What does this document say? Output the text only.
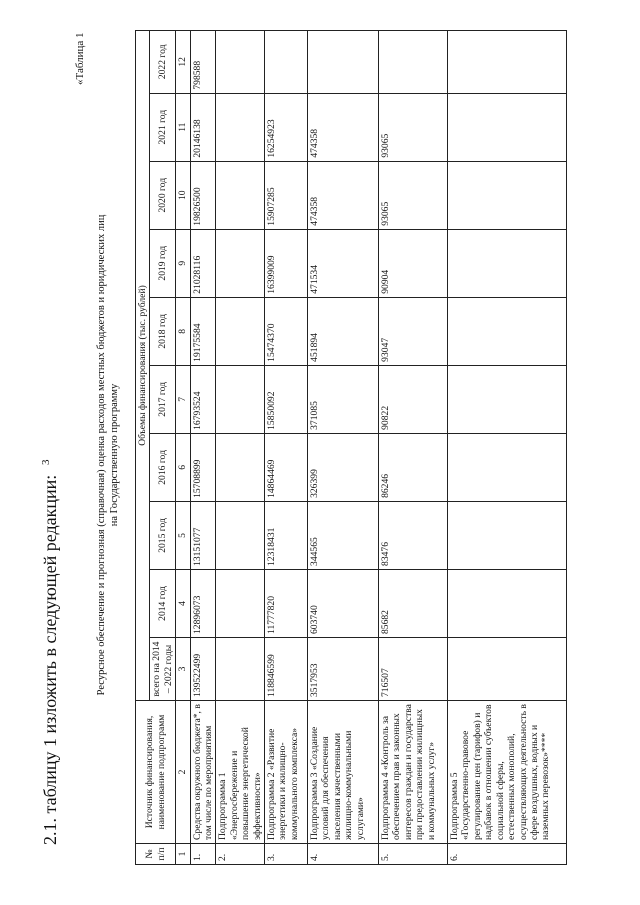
3
«Таблица 1
2.1. таблицу 1 изложить в следующей редакции:	Ресурсное обеспечение и прогнозная (справочная) оценка расходов местных бюджетов и юридических лиц на Государственную программу
№ п/п	Источник финансирования, наименование подпрограмм	Объемы финансирования (тыс. рублей)									
		всего на 2014 – 2022 годы	2014 год	2015 год	2016 год	2017 год	2018 год	2019 год	2020 год	2021 год	2022 год
1	2	3	4	5	6	7	8	9	10	11	12
1.	Средства окружного бюджета*, в том числе по мероприятиям	139522499	12896073	13151077	15708899	16793524	19175584	21028116	19826500	20146138	798588
2.	Подпрограмма 1 «Энергосбережение и повышение энергетической эффективности»										
3.	Подпрограмма 2 «Развитие энергетики и жилищно-коммунального комплекса»	118846599	11777820	12318431	14864469	15850092	15474370	16399009	15907285	16254923	
4.	Подпрограмма 3 «Создание условий для обеспечения населения качественными жилищно-коммунальными услугами»	3517953	603740	344565	326399	371085	451894	471534	474358	474358	
5.	Подпрограмма 4 «Контроль за обеспечением прав и законных интересов граждан и государства при предоставлении жилищных и коммунальных услуг»	716507	85682	83476	86246	90822	93047	90904	93065	93065	
6.	Подпрограмма 5 «Государственно-правовое регулирование цен (тарифов) и надбавок в отношении субъектов социальной сферы, естественных монополий, осуществляющих деятельность в сфере воздушных, водных и наземных перевозок»****										
